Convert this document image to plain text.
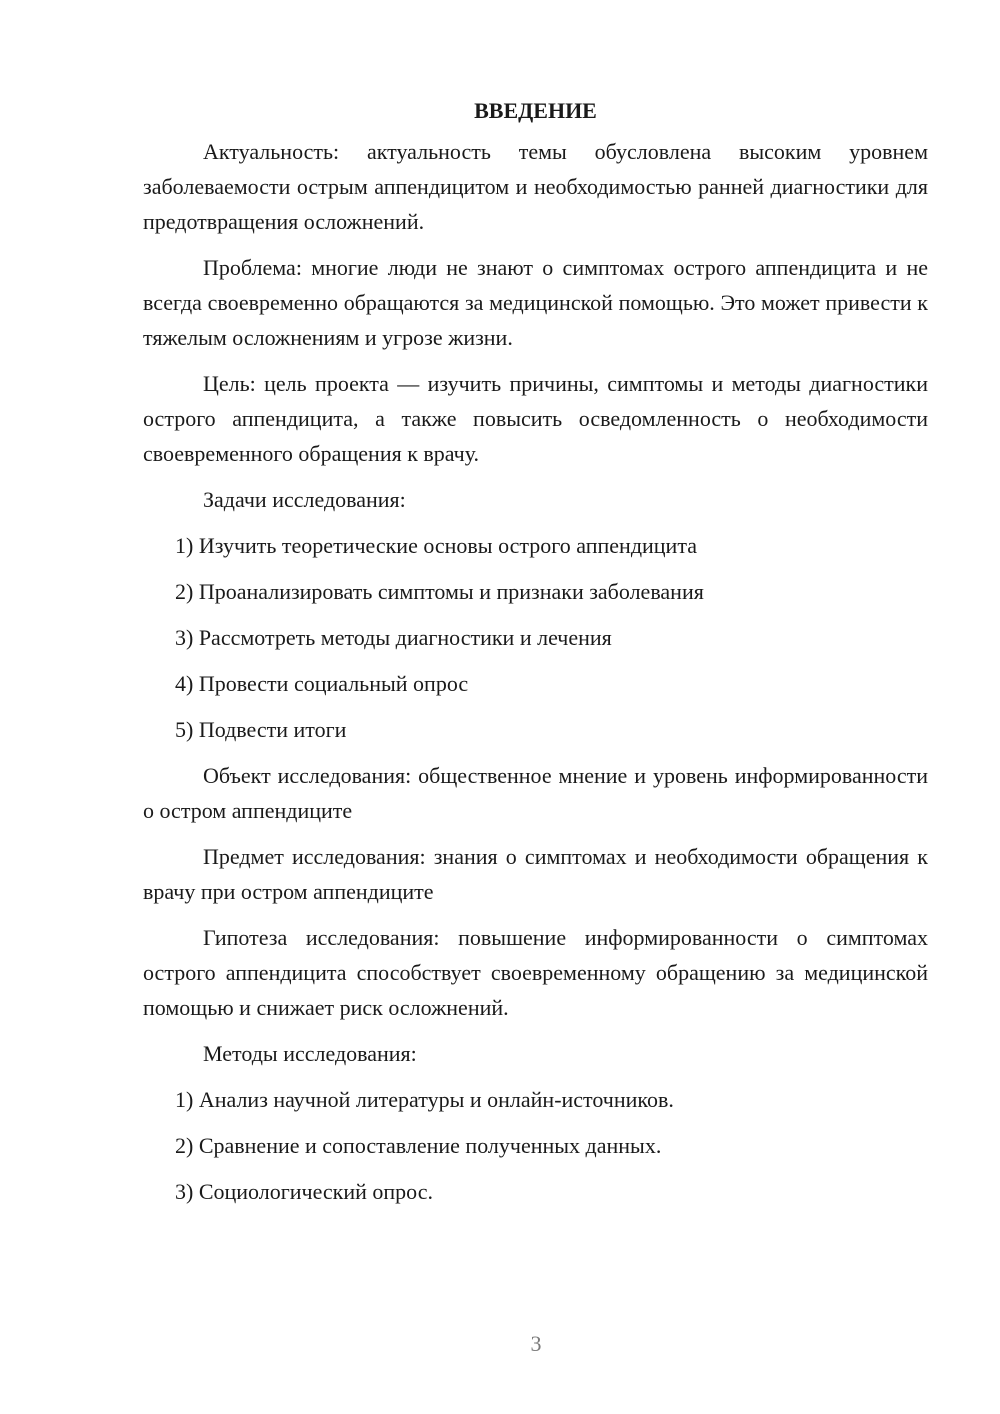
ВВЕДЕНИЕ

Актуальность: актуальность темы обусловлена высоким уровнем заболеваемости острым аппендицитом и необходимостью ранней диагностики для предотвращения осложнений.

Проблема: многие люди не знают о симптомах острого аппендицита и не всегда своевременно обращаются за медицинской помощью. Это может привести к тяжелым осложнениям и угрозе жизни.

Цель: цель проекта — изучить причины, симптомы и методы диагностики острого аппендицита, а также повысить осведомленность о необходимости своевременного обращения к врачу.

Задачи исследования:
1) Изучить теоретические основы острого аппендицита
2) Проанализировать симптомы и признаки заболевания
3) Рассмотреть методы диагностики и лечения
4) Провести социальный опрос
5) Подвести итоги

Объект исследования: общественное мнение и уровень информированности о остром аппендиците

Предмет исследования: знания о симптомах и необходимости обращения к врачу при остром аппендиците

Гипотеза исследования: повышение информированности о симптомах острого аппендицита способствует своевременному обращению за медицинской помощью и снижает риск осложнений.

Методы исследования:
1) Анализ научной литературы и онлайн-источников.
2) Сравнение и сопоставление полученных данных.
3) Социологический опрос.
3
